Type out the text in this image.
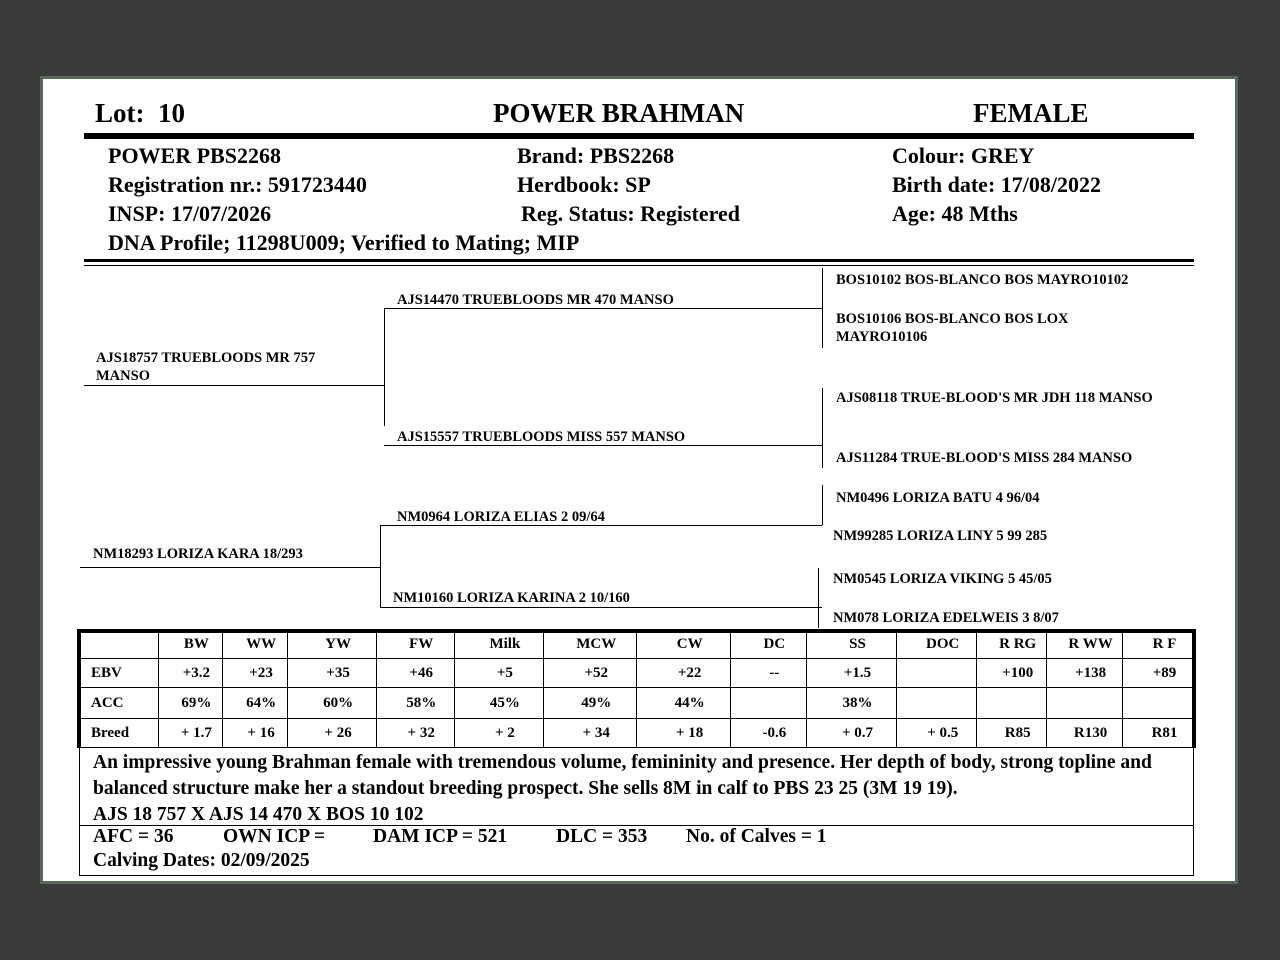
Lot: 10	POWER BRAHMAN	FEMALE
POWER PBS2268
Registration nr.: 591723440
INSP: 17/07/2026
DNA Profile; 11298U009; Verified to Mating; MIP
Brand: PBS2268
Herdbook: SP
Reg. Status: Registered
Colour: GREY
Birth date: 17/08/2022
Age: 48 Mths
AJS18757 TRUEBLOODS MR 757 MANSO
NM18293 LORIZA KARA 18/293
AJS14470 TRUEBLOODS MR 470 MANSO
AJS15557 TRUEBLOODS MISS 557 MANSO
NM0964 LORIZA ELIAS 2 09/64
NM10160 LORIZA KARINA 2 10/160
BOS10102 BOS-BLANCO BOS MAYRO10102
BOS10106 BOS-BLANCO BOS LOX MAYRO10106
AJS08118 TRUE-BLOOD'S MR JDH 118 MANSO
AJS11284 TRUE-BLOOD'S MISS 284 MANSO
NM0496 LORIZA BATU 4 96/04
NM99285 LORIZA LINY 5 99 285
NM0545 LORIZA VIKING 5 45/05
NM078 LORIZA EDELWEIS 3 8/07
	BW	WW	YW	FW	Milk	MCW	CW	DC	SS	DOC	R RG	R WW	R F
EBV	+3.2	+23	+35	+46	+5	+52	+22	--	+1.5		+100	+138	+89
ACC	69%	64%	60%	58%	45%	49%	44%		38%				
Breed	+ 1.7	+ 16	+ 26	+ 32	+ 2	+ 34	+ 18	-0.6	+ 0.7	+ 0.5	R85	R130	R81
An impressive young Brahman female with tremendous volume, femininity and presence. Her depth of body, strong topline and balanced structure make her a standout breeding prospect. She sells 8M in calf to PBS 23 25 (3M 19 19).
AJS 18 757 X AJS 14 470 X BOS 10 102
AFC = 36	OWN ICP = DAM ICP = 521	DLC = 353 No. of Calves = 1
Calving Dates: 02/09/2025
